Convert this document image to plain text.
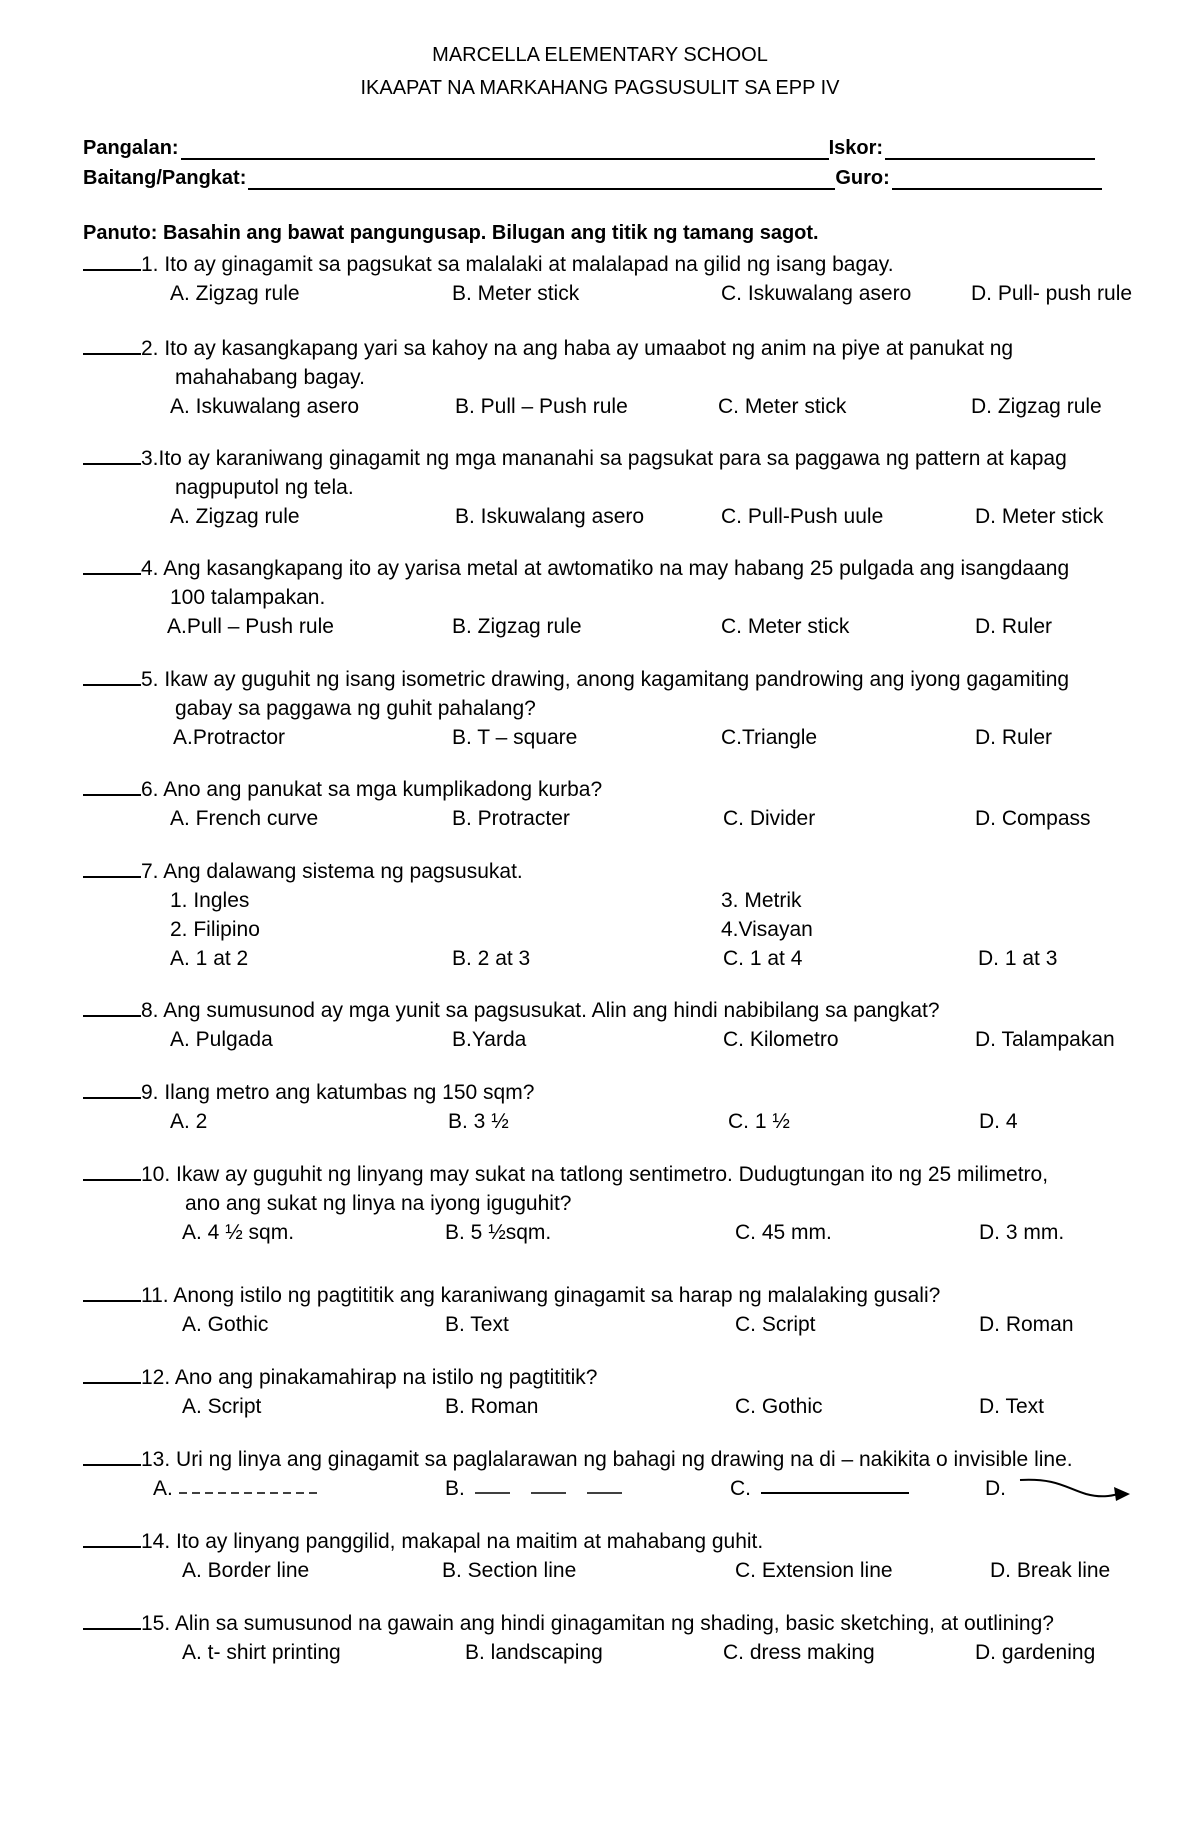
MARCELLA ELEMENTARY SCHOOL
IKAAPAT NA MARKAHANG PAGSUSULIT SA EPP IV
Pangalan:	Iskor:
Baitang/Pangkat:	Guro:
Panuto: Basahin ang bawat pangungusap. Bilugan ang titik ng tamang sagot.
1. Ito ay ginagamit sa pagsukat sa malalaki at malalapad na gilid ng isang bagay.
A. Zigzag rule	B. Meter stick	C. Iskuwalang asero	D. Pull- push rule
2. Ito ay kasangkapang yari sa kahoy na ang haba ay umaabot ng anim na piye at panukat ng
mahahabang bagay.
A. Iskuwalang asero	B. Pull – Push rule	C. Meter stick	D. Zigzag rule
3.Ito ay karaniwang ginagamit ng mga mananahi sa pagsukat para sa paggawa ng pattern at kapag
nagpuputol ng tela.
A. Zigzag rule	B. Iskuwalang asero	C. Pull-Push uule	D. Meter stick
4. Ang kasangkapang ito ay yarisa metal at awtomatiko na may habang 25 pulgada ang isangdaang
100 talampakan.
A.Pull – Push rule	B. Zigzag rule	C. Meter stick	D. Ruler
5. Ikaw ay guguhit ng isang isometric drawing, anong kagamitang pandrowing ang iyong gagamiting
gabay sa paggawa ng guhit pahalang?
A.Protractor	B. T – square	C.Triangle	D. Ruler
6. Ano ang panukat sa mga kumplikadong kurba?
A. French curve	B. Protracter	C. Divider	D. Compass
7. Ang dalawang sistema ng pagsusukat.
1. Ingles	3. Metrik
2. Filipino	4.Visayan
A. 1 at 2	B. 2 at 3	C. 1 at 4	D. 1 at 3
8. Ang sumusunod ay mga yunit sa pagsusukat. Alin ang hindi nabibilang sa pangkat?
A. Pulgada	B.Yarda	C. Kilometro	D. Talampakan
9. Ilang metro ang katumbas ng 150 sqm?
A. 2	B. 3 ½	C. 1 ½	D. 4
10. Ikaw ay guguhit ng linyang may sukat na tatlong sentimetro. Dudugtungan ito ng 25 milimetro,
ano ang sukat ng linya na iyong iguguhit?
A. 4 ½ sqm.	B. 5 ½sqm.	C. 45 mm.	D. 3 mm.
11. Anong istilo ng pagtititik ang karaniwang ginagamit sa harap ng malalaking gusali?
A. Gothic	B. Text	C. Script	D. Roman
12. Ano ang pinakamahirap na istilo ng pagtititik?
A. Script	B. Roman	C. Gothic	D. Text
13. Uri ng linya ang ginagamit sa paglalarawan ng bahagi ng drawing na di – nakikita o invisible line.
A.	B.	C.	D.
14. Ito ay linyang panggilid, makapal na maitim at mahabang guhit.
A. Border line	B. Section line	C. Extension line	D. Break line
15. Alin sa sumusunod na gawain ang hindi ginagamitan ng shading, basic sketching, at outlining?
A. t- shirt printing	B. landscaping	C. dress making	D. gardening
